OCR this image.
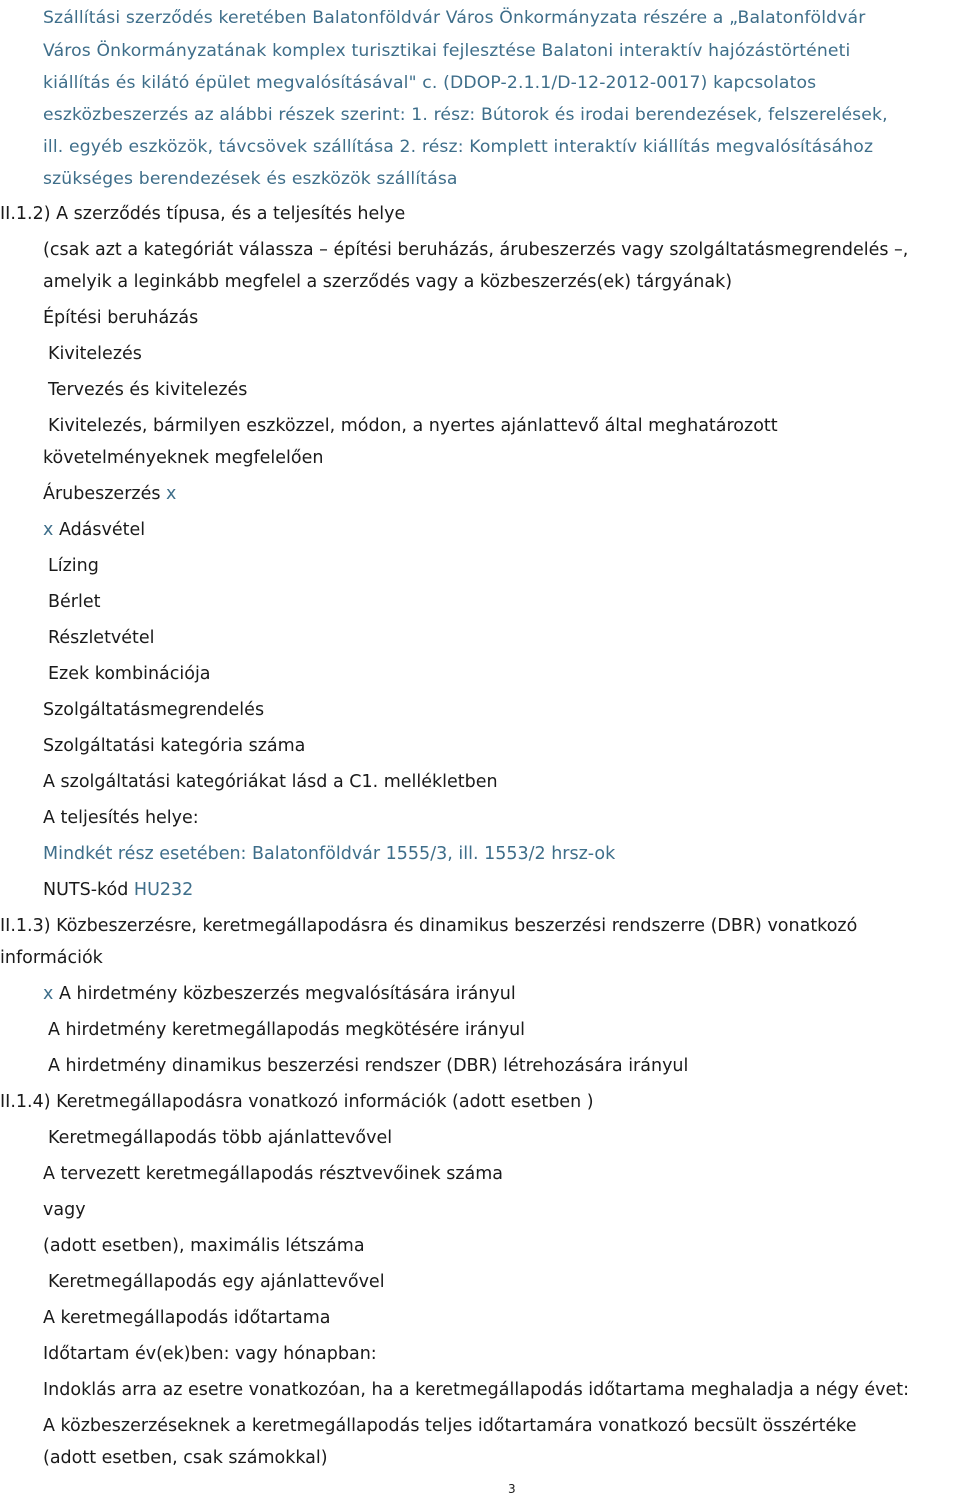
Szállítási szerződés keretében Balatonföldvár Város Önkormányzata részére a „Balatonföldvár
Város Önkormányzatának komplex turisztikai fejlesztése Balatoni interaktív hajózástörténeti
kiállítás és kilátó épület megvalósításával" c. (DDOP-2.1.1/D-12-2012-0017) kapcsolatos
eszközbeszerzés az alábbi részek szerint: 1. rész: Bútorok és irodai berendezések, felszerelések,
ill. egyéb eszközök, távcsövek szállítása 2. rész: Komplett interaktív kiállítás megvalósításához
szükséges berendezések és eszközök szállítása
II.1.2) A szerződés típusa, és a teljesítés helye
(csak azt a kategóriát válassza – építési beruházás, árubeszerzés vagy szolgáltatásmegrendelés –,
amelyik a leginkább megfelel a szerződés vagy a közbeszerzés(ek) tárgyának)
Építési beruházás
Kivitelezés
Tervezés és kivitelezés
Kivitelezés, bármilyen eszközzel, módon, a nyertes ajánlattevő által meghatározott
követelményeknek megfelelően
Árubeszerzés x
x Adásvétel
Lízing
Bérlet
Részletvétel
Ezek kombinációja
Szolgáltatásmegrendelés
Szolgáltatási kategória száma
A szolgáltatási kategóriákat lásd a C1. mellékletben
A teljesítés helye:
Mindkét rész esetében: Balatonföldvár 1555/3, ill. 1553/2 hrsz-ok
NUTS-kód HU232
II.1.3) Közbeszerzésre, keretmegállapodásra és dinamikus beszerzési rendszerre (DBR) vonatkozó
információk
x A hirdetmény közbeszerzés megvalósítására irányul
A hirdetmény keretmegállapodás megkötésére irányul
A hirdetmény dinamikus beszerzési rendszer (DBR) létrehozására irányul
II.1.4) Keretmegállapodásra vonatkozó információk (adott esetben )
Keretmegállapodás több ajánlattevővel
A tervezett keretmegállapodás résztvevőinek száma
vagy
(adott esetben), maximális létszáma
Keretmegállapodás egy ajánlattevővel
A keretmegállapodás időtartama
Időtartam év(ek)ben: vagy hónapban:
Indoklás arra az esetre vonatkozóan, ha a keretmegállapodás időtartama meghaladja a négy évet:
A közbeszerzéseknek a keretmegállapodás teljes időtartamára vonatkozó becsült összértéke
(adott esetben, csak számokkal)
3
